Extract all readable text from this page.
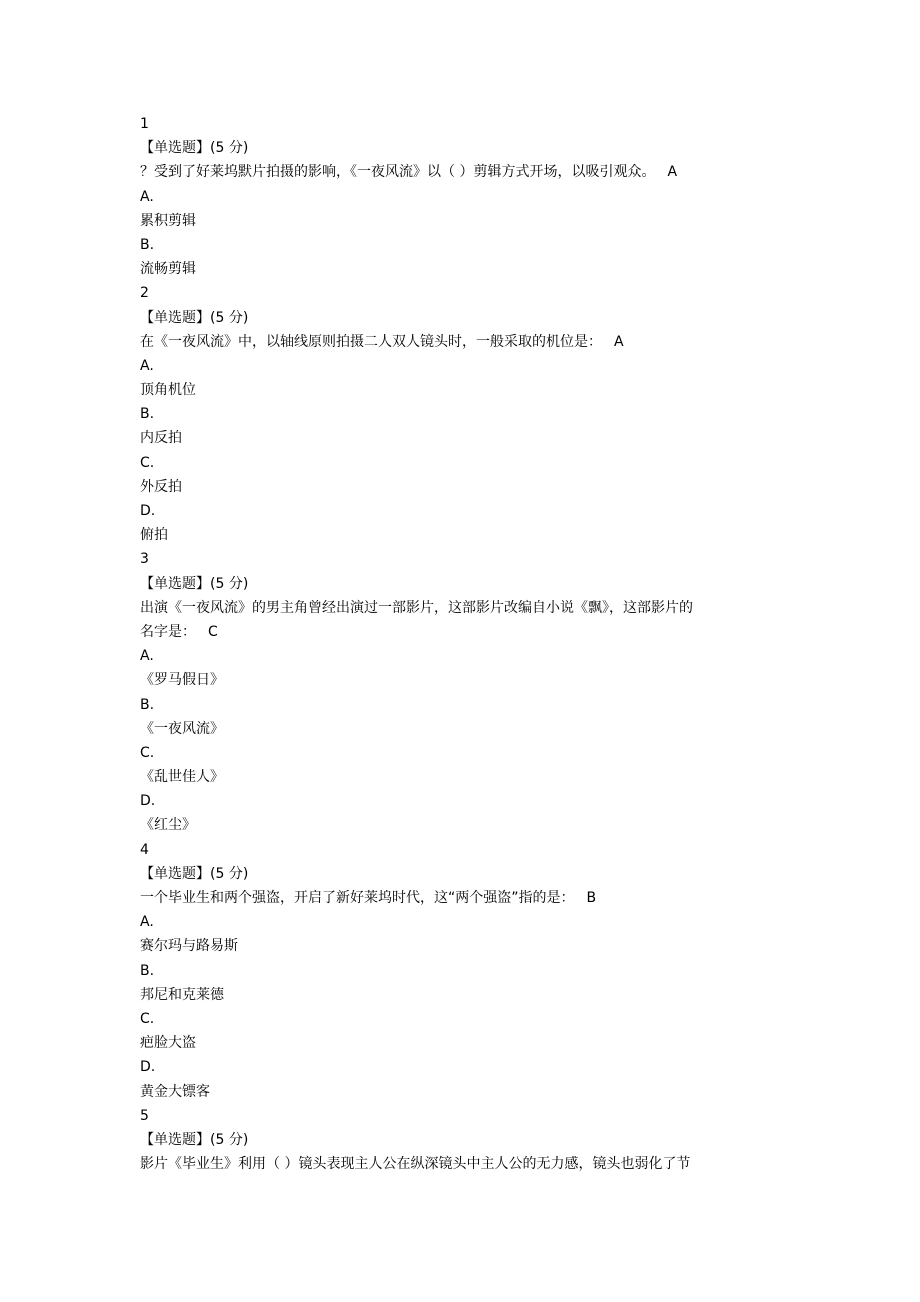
1
【单选题】(5 分)
？受到了好莱坞默片拍摄的影响，《一夜风流》以（ ）剪辑方式开场，以吸引观众。 A
A.
累积剪辑
B.
流畅剪辑
2
【单选题】(5 分)
在《一夜风流》中，以轴线原则拍摄二人双人镜头时，一般采取的机位是： A
A.
顶角机位
B.
内反拍
C.
外反拍
D.
俯拍
3
【单选题】(5 分)
出演《一夜风流》的男主角曾经出演过一部影片，这部影片改编自小说《飘》，这部影片的
名字是： C
A.
《罗马假日》
B.
《一夜风流》
C.
《乱世佳人》
D.
《红尘》
4
【单选题】(5 分)
一个毕业生和两个强盗，开启了新好莱坞时代，这“两个强盗”指的是： B
A.
赛尔玛与路易斯
B.
邦尼和克莱德
C.
疤脸大盗
D.
黄金大镖客
5
【单选题】(5 分)
影片《毕业生》利用（ ）镜头表现主人公在纵深镜头中主人公的无力感，镜头也弱化了节
